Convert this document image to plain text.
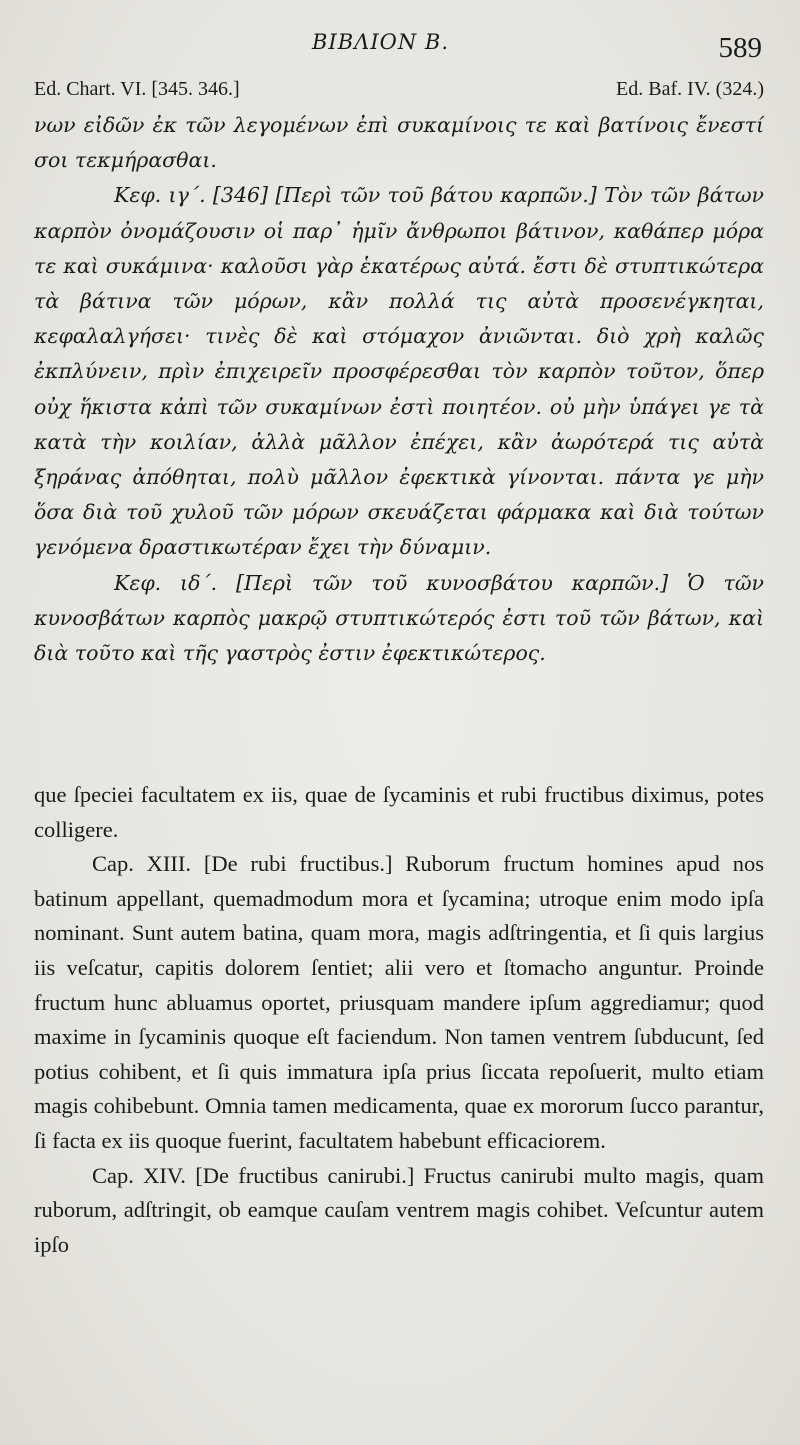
ΒΙΒΛΙΟΝ Β.	589
Ed. Chart. VI. [345. 346.]	Ed. Baf. IV. (324.)

νων εἰδῶν ἐκ τῶν λεγομένων ἐπὶ συκαμίνοις τε καὶ βατίνοις ἔνεστί σοι τεκμήρασθαι.

Κεφ. ιγ΄. [346] [Περὶ τῶν τοῦ βάτου καρπῶν.] Τὸν τῶν βάτων καρπὸν ὀνομάζουσιν οἱ παρ᾿ ἡμῖν ἄνθρωποι βάτινον, καθάπερ μόρα τε καὶ συκάμινα· καλοῦσι γὰρ ἑκατέρως αὐτά. ἔστι δὲ στυπτικώτερα τὰ βάτινα τῶν μόρων, κἂν πολλά τις αὐτὰ προσενέγκηται, κεφαλαλγήσει· τινὲς δὲ καὶ στόμαχον ἀνιῶνται. διὸ χρὴ καλῶς ἐκπλύνειν, πρὶν ἐπιχειρεῖν προσφέρεσθαι τὸν καρπὸν τοῦτον, ὅπερ οὐχ ἥκιστα κἀπὶ τῶν συκαμίνων ἐστὶ ποιητέον. οὐ μὴν ὑπάγει γε τὰ κατὰ τὴν κοιλίαν, ἀλλὰ μᾶλλον ἐπέχει, κἂν ἀωρότερά τις αὐτὰ ξηράνας ἀπόθηται, πολὺ μᾶλλον ἐφεκτικὰ γίνονται. πάντα γε μὴν ὅσα διὰ τοῦ χυλοῦ τῶν μόρων σκευάζεται φάρμακα καὶ διὰ τούτων γενόμενα δραστικωτέραν ἔχει τὴν δύναμιν.

Κεφ. ιδ΄. [Περὶ τῶν τοῦ κυνοσβάτου καρπῶν.] Ὁ τῶν κυνοσβάτων καρπὸς μακρῷ στυπτικώτερός ἐστι τοῦ τῶν βάτων, καὶ διὰ τοῦτο καὶ τῆς γαστρὸς ἐστιν ἐφεκτικώτερος.

que ſpeciei facultatem ex iis, quae de ſycaminis et rubi fructibus diximus, potes colligere.

Cap. XIII. [De rubi fructibus.] Ruborum fructum homines apud nos batinum appellant, quemadmodum mora et ſycamina; utroque enim modo ipſa nominant. Sunt autem batina, quam mora, magis adſtringentia, et ſi quis largius iis veſcatur, capitis dolorem ſentiet; alii vero et ſtomacho anguntur. Proinde fructum hunc abluamus oportet, priusquam mandere ipſum aggrediamur; quod maxime in ſycaminis quoque eſt faciendum. Non tamen ventrem ſubducunt, ſed potius cohibent, et ſi quis immatura ipſa prius ſiccata repoſuerit, multo etiam magis cohibebunt. Omnia tamen medicamenta, quae ex mororum ſucco parantur, ſi facta ex iis quoque fuerint, facultatem habebunt efficaciorem.

Cap. XIV. [De fructibus canirubi.] Fructus canirubi multo magis, quam ruborum, adſtringit, ob eamque cauſam ventrem magis cohibet. Veſcuntur autem ipſo
